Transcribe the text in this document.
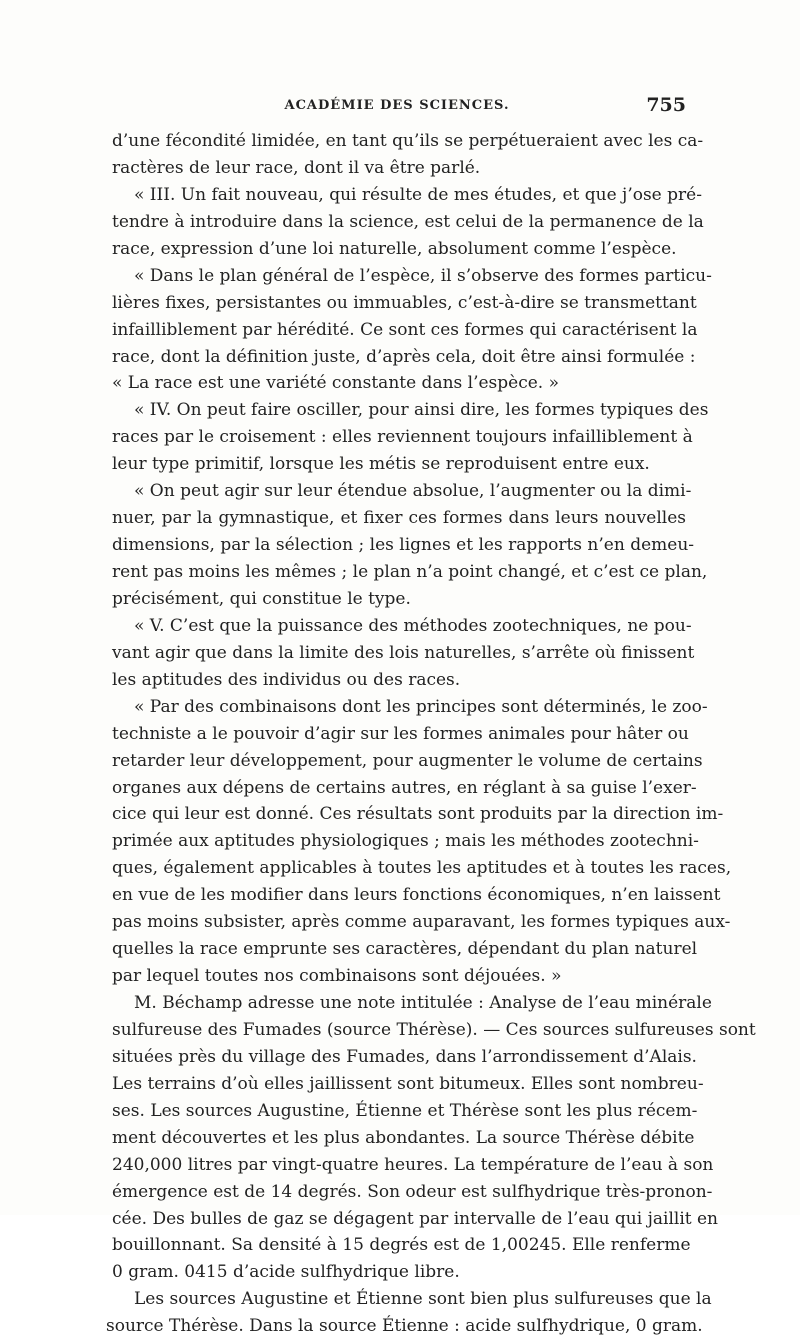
ACADÉMIE DES SCIENCES.	755
d’une fécondité limidée, en tant qu’ils se perpétueraient avec les ca-
ractères de leur race, dont il va être parlé.
« III. Un fait nouveau, qui résulte de mes études, et que j’ose pré-
tendre à introduire dans la science, est celui de la permanence de la
race, expression d’une loi naturelle, absolument comme l’espèce.
« Dans le plan général de l’espèce, il s’observe des formes particu-
lières fixes, persistantes ou immuables, c’est-à-dire se transmettant
infailliblement par hérédité. Ce sont ces formes qui caractérisent la
race, dont la définition juste, d’après cela, doit être ainsi formulée :
« La race est une variété constante dans l’espèce. »
« IV. On peut faire osciller, pour ainsi dire, les formes typiques des
races par le croisement : elles reviennent toujours infailliblement à
leur type primitif, lorsque les métis se reproduisent entre eux.
« On peut agir sur leur étendue absolue, l’augmenter ou la dimi-
nuer, par la gymnastique, et fixer ces formes dans leurs nouvelles
dimensions, par la sélection ; les lignes et les rapports n’en demeu-
rent pas moins les mêmes ; le plan n’a point changé, et c’est ce plan,
précisément, qui constitue le type.
« V. C’est que la puissance des méthodes zootechniques, ne pou-
vant agir que dans la limite des lois naturelles, s’arrête où finissent
les aptitudes des individus ou des races.
« Par des combinaisons dont les principes sont déterminés, le zoo-
techniste a le pouvoir d’agir sur les formes animales pour hâter ou
retarder leur développement, pour augmenter le volume de certains
organes aux dépens de certains autres, en réglant à sa guise l’exer-
cice qui leur est donné. Ces résultats sont produits par la direction im-
primée aux aptitudes physiologiques ; mais les méthodes zootechni-
ques, également applicables à toutes les aptitudes et à toutes les races,
en vue de les modifier dans leurs fonctions économiques, n’en laissent
pas moins subsister, après comme auparavant, les formes typiques aux-
quelles la race emprunte ses caractères, dépendant du plan naturel
par lequel toutes nos combinaisons sont déjouées. »
M. Béchamp adresse une note intitulée : Analyse de l’eau minérale
sulfureuse des Fumades (source Thérèse). — Ces sources sulfureuses sont
situées près du village des Fumades, dans l’arrondissement d’Alais.
Les terrains d’où elles jaillissent sont bitumeux. Elles sont nombreu-
ses. Les sources Augustine, Étienne et Thérèse sont les plus récem-
ment découvertes et les plus abondantes. La source Thérèse débite
240,000 litres par vingt-quatre heures. La température de l’eau à son
émergence est de 14 degrés. Son odeur est sulfhydrique très-pronon-
cée. Des bulles de gaz se dégagent par intervalle de l’eau qui jaillit en
bouillonnant. Sa densité à 15 degrés est de 1,00245. Elle renferme
0 gram. 0415 d’acide sulfhydrique libre.
Les sources Augustine et Étienne sont bien plus sulfureuses que la
source Thérèse. Dans la source Étienne : acide sulfhydrique, 0 gram.
